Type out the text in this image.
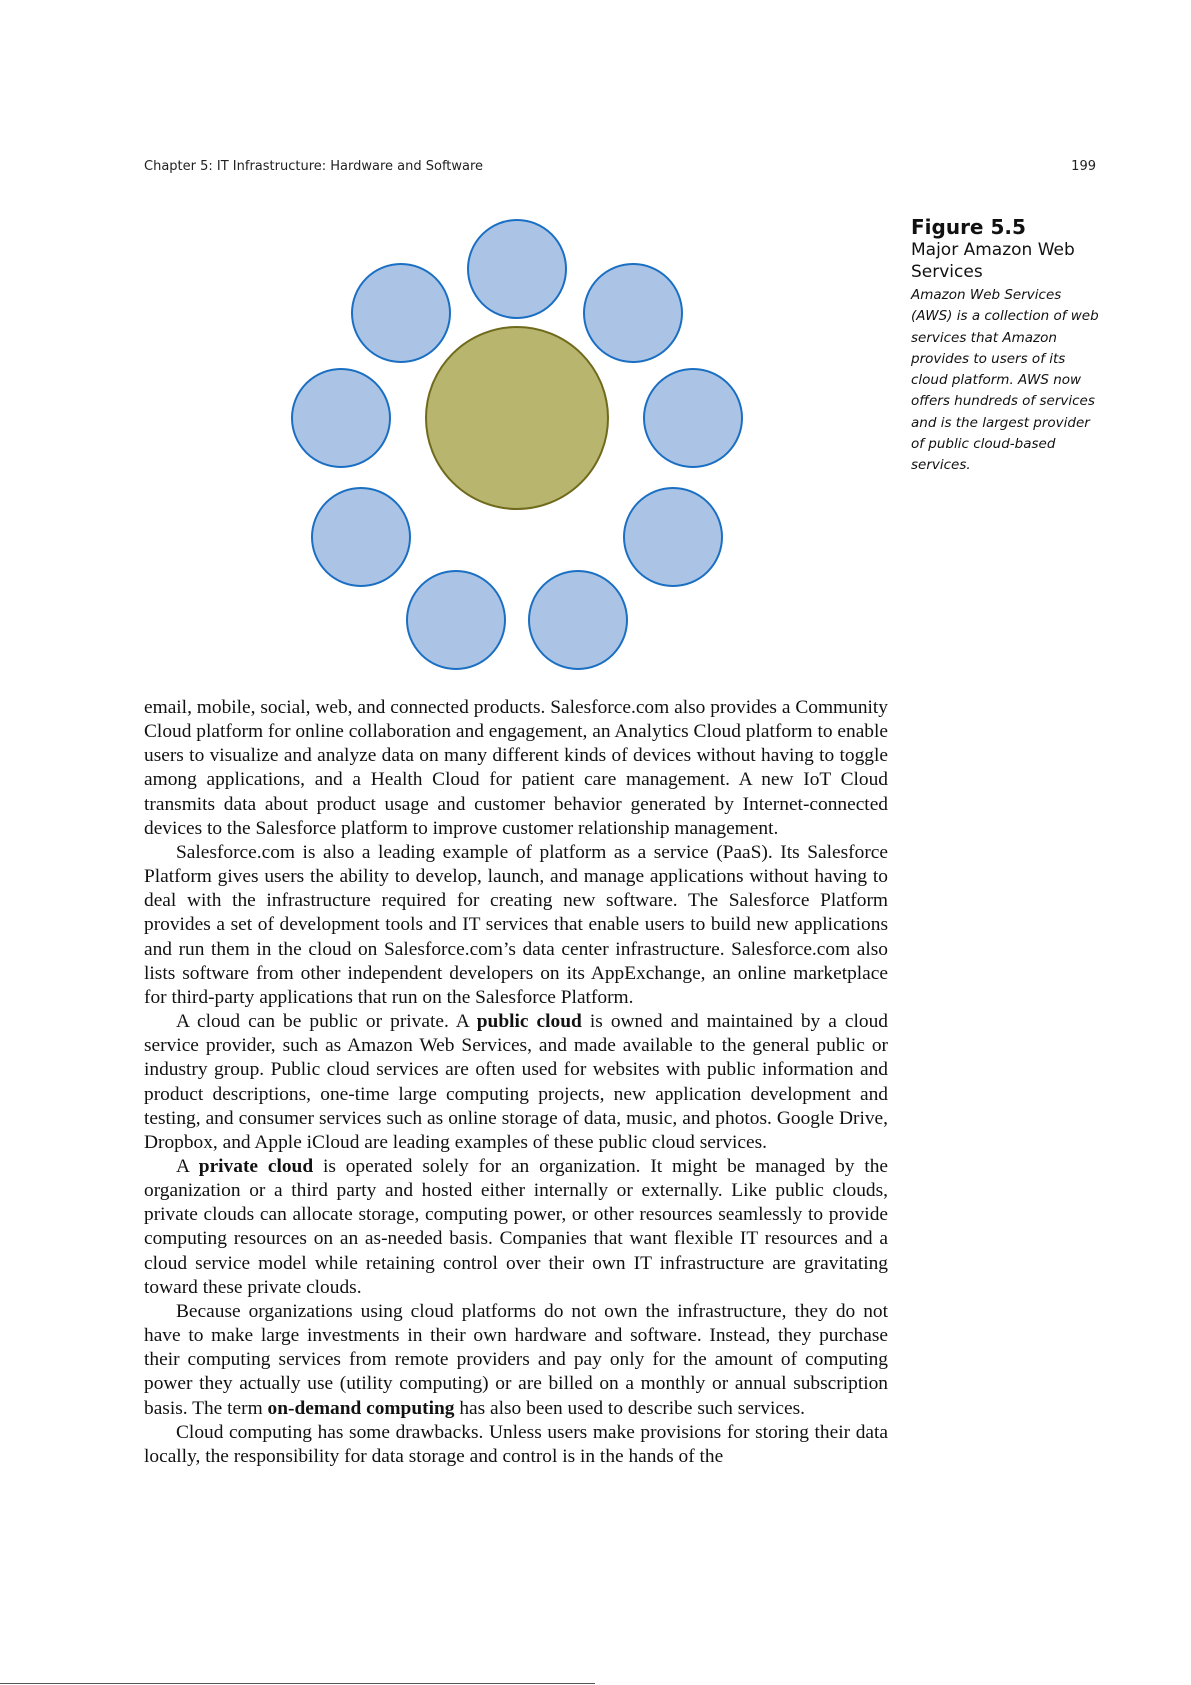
Chapter 5: IT Infrastructure: Hardware and Software	199
Figure 5.5
Major Amazon Web Services
Amazon Web Services (AWS) is a collection of web services that Amazon provides to users of its cloud platform. AWS now offers hundreds of services and is the largest provider of public cloud-based services.

email, mobile, social, web, and connected products. Salesforce.com also provides a Community Cloud platform for online collaboration and engagement, an Analytics Cloud platform to enable users to visualize and analyze data on many different kinds of devices without having to toggle among applications, and a Health Cloud for patient care management. A new IoT Cloud transmits data about product usage and customer behavior generated by Internet-connected devices to the Salesforce platform to improve customer relationship management.

Salesforce.com is also a leading example of platform as a service (PaaS). Its Salesforce Platform gives users the ability to develop, launch, and manage applications without having to deal with the infrastructure required for creating new software. The Salesforce Platform provides a set of development tools and IT services that enable users to build new applications and run them in the cloud on Salesforce.com’s data center infrastructure. Salesforce.com also lists software from other independent developers on its AppExchange, an online marketplace for third-party applications that run on the Salesforce Platform.

A cloud can be public or private. A public cloud is owned and maintained by a cloud service provider, such as Amazon Web Services, and made available to the general public or industry group. Public cloud services are often used for websites with public information and product descriptions, one-time large computing projects, new application development and testing, and consumer services such as online storage of data, music, and photos. Google Drive, Dropbox, and Apple iCloud are leading examples of these public cloud services.

A private cloud is operated solely for an organization. It might be managed by the organization or a third party and hosted either internally or externally. Like public clouds, private clouds can allocate storage, computing power, or other resources seamlessly to provide computing resources on an as-needed basis. Companies that want flexible IT resources and a cloud service model while retaining control over their own IT infrastructure are gravitating toward these private clouds.

Because organizations using cloud platforms do not own the infrastructure, they do not have to make large investments in their own hardware and software. Instead, they purchase their computing services from remote providers and pay only for the amount of computing power they actually use (utility computing) or are billed on a monthly or annual subscription basis. The term on-demand computing has also been used to describe such services.

Cloud computing has some drawbacks. Unless users make provisions for storing their data locally, the responsibility for data storage and control is in the hands of the
